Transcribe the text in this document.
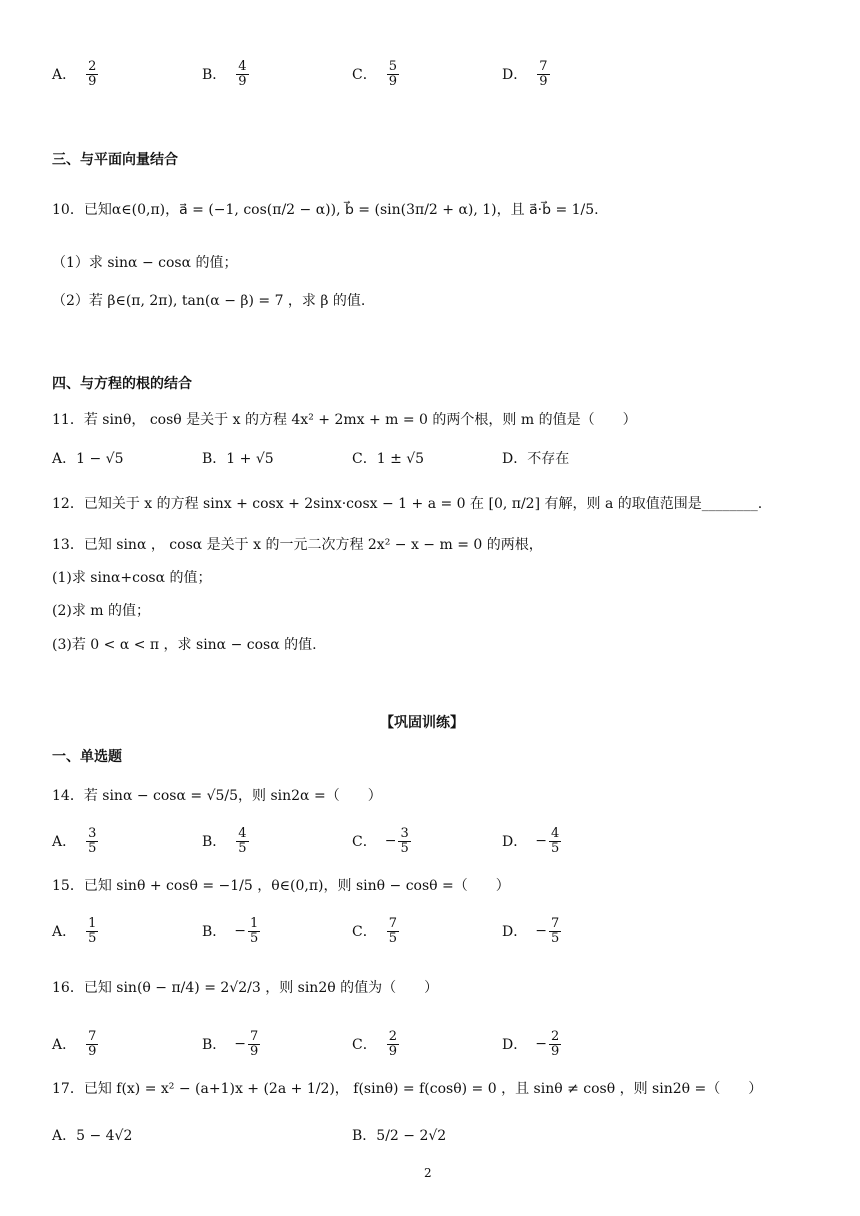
A． $\frac{2}{9}$	B． $\frac{4}{9}$	C． $\frac{5}{9}$	D． $\frac{7}{9}$
三、与平面向量结合
10．已知α∈(0,π)，a⃗ = (−1, cos(π/2 − α)), b⃗ = (sin(3π/2 + α), 1)，且 a⃗·b⃗ = 1/5.
（1）求 sinα − cosα 的值；
（2）若 β∈(π, 2π), tan(α − β) = 7 ，求 β 的值.
四、与方程的根的结合
11．若 sinθ， cosθ 是关于 x 的方程 4x² + 2mx + m = 0 的两个根，则 m 的值是（　　）
A．1 − √5	B．1 + √5	C．1 ± √5	D．不存在
12．已知关于 x 的方程 sinx + cosx + 2sinx·cosx − 1 + a = 0 在 [0, π/2] 有解，则 a 的取值范围是________.
13．已知 sinα ， cosα 是关于 x 的一元二次方程 2x² − x − m = 0 的两根，
(1)求 sinα+cosα 的值；
(2)求 m 的值；
(3)若 0 < α < π ，求 sinα − cosα 的值.
【巩固训练】
一、单选题
14．若 sinα − cosα = √5/5，则 sin2α =（　　）
A． $\frac{3}{5}$	B． $\frac{4}{5}$	C． − $\frac{3}{5}$	D． − $\frac{4}{5}$
15．已知 sinθ + cosθ = −1/5 ，θ∈(0,π)，则 sinθ − cosθ =（　　）
A． $\frac{1}{5}$	B． − $\frac{1}{5}$	C． $\frac{7}{5}$	D． − $\frac{7}{5}$
16．已知 sin(θ − π/4) = 2√2/3 ，则 sin2θ 的值为（　　）
A． $\frac{7}{9}$	B． − $\frac{7}{9}$	C． $\frac{2}{9}$	D． − $\frac{2}{9}$
17．已知 f(x) = x² − (a+1)x + (2a + 1/2)， f(sinθ) = f(cosθ) = 0 ，且 sinθ ≠ cosθ ，则 sin2θ =（　　）
A．5 − 4√2	B．5/2 − 2√2
2
